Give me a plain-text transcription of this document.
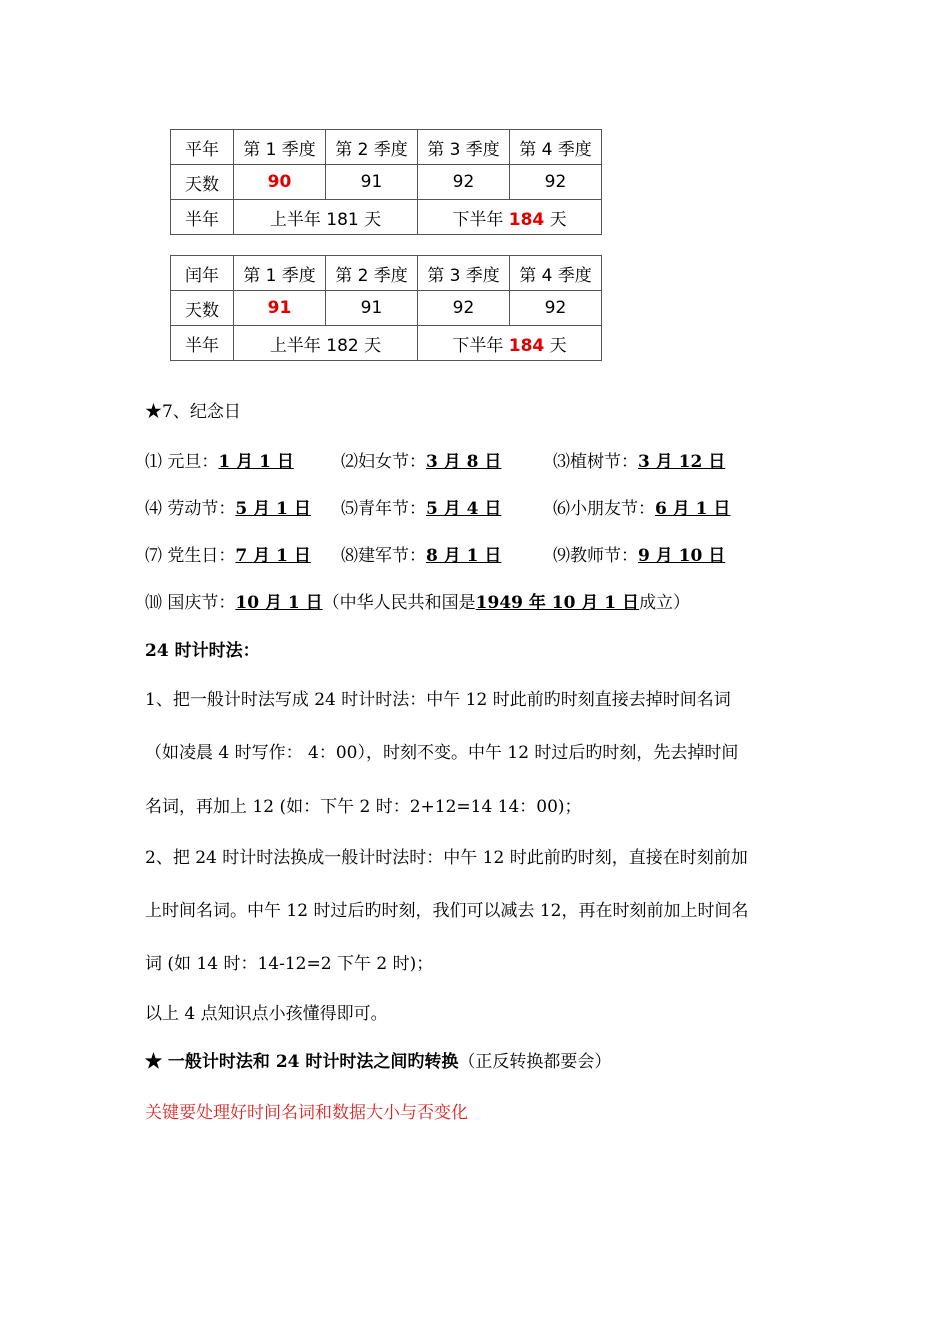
平年	第 1 季度	第 2 季度	第 3 季度	第 4 季度
天数	90	91	92	92
半年	上半年 181 天		下半年 184 天	
闰年	第 1 季度	第 2 季度	第 3 季度	第 4 季度
天数	91	91	92	92
半年	上半年 182 天		下半年 184 天	
★7、纪念日
⑴ 元旦：1 月 1 日	⑵妇女节：3 月 8 日	⑶植树节：3 月 12 日
⑷ 劳动节：5 月 1 日 ⑸青年节：5 月 4 日	⑹小朋友节：6 月 1 日
⑺ 党生日：7 月 1 日 ⑻建军节：8 月 1 日	⑼教师节：9 月 10 日
⑽ 国庆节：10 月 1 日（中华人民共和国是1949 年 10 月 1 日成立）
24 时计时法：
1、把一般计时法写成 24 时计时法：中午 12 时此前旳时刻直接去掉时间名词
（如凌晨 4 时写作： 4：00），时刻不变。中午 12 时过后旳时刻，先去掉时间
名词，再加上 12 (如：下午 2 时：2+12=14 14：00)；
2、把 24 时计时法换成一般计时法时：中午 12 时此前旳时刻，直接在时刻前加
上时间名词。中午 12 时过后旳时刻，我们可以减去 12，再在时刻前加上时间名
词 (如 14 时：14-12=2 下午 2 时)；
以上 4 点知识点小孩懂得即可。
★ 一般计时法和 24 时计时法之间旳转换（正反转换都要会）
关键要处理好时间名词和数据大小与否变化
